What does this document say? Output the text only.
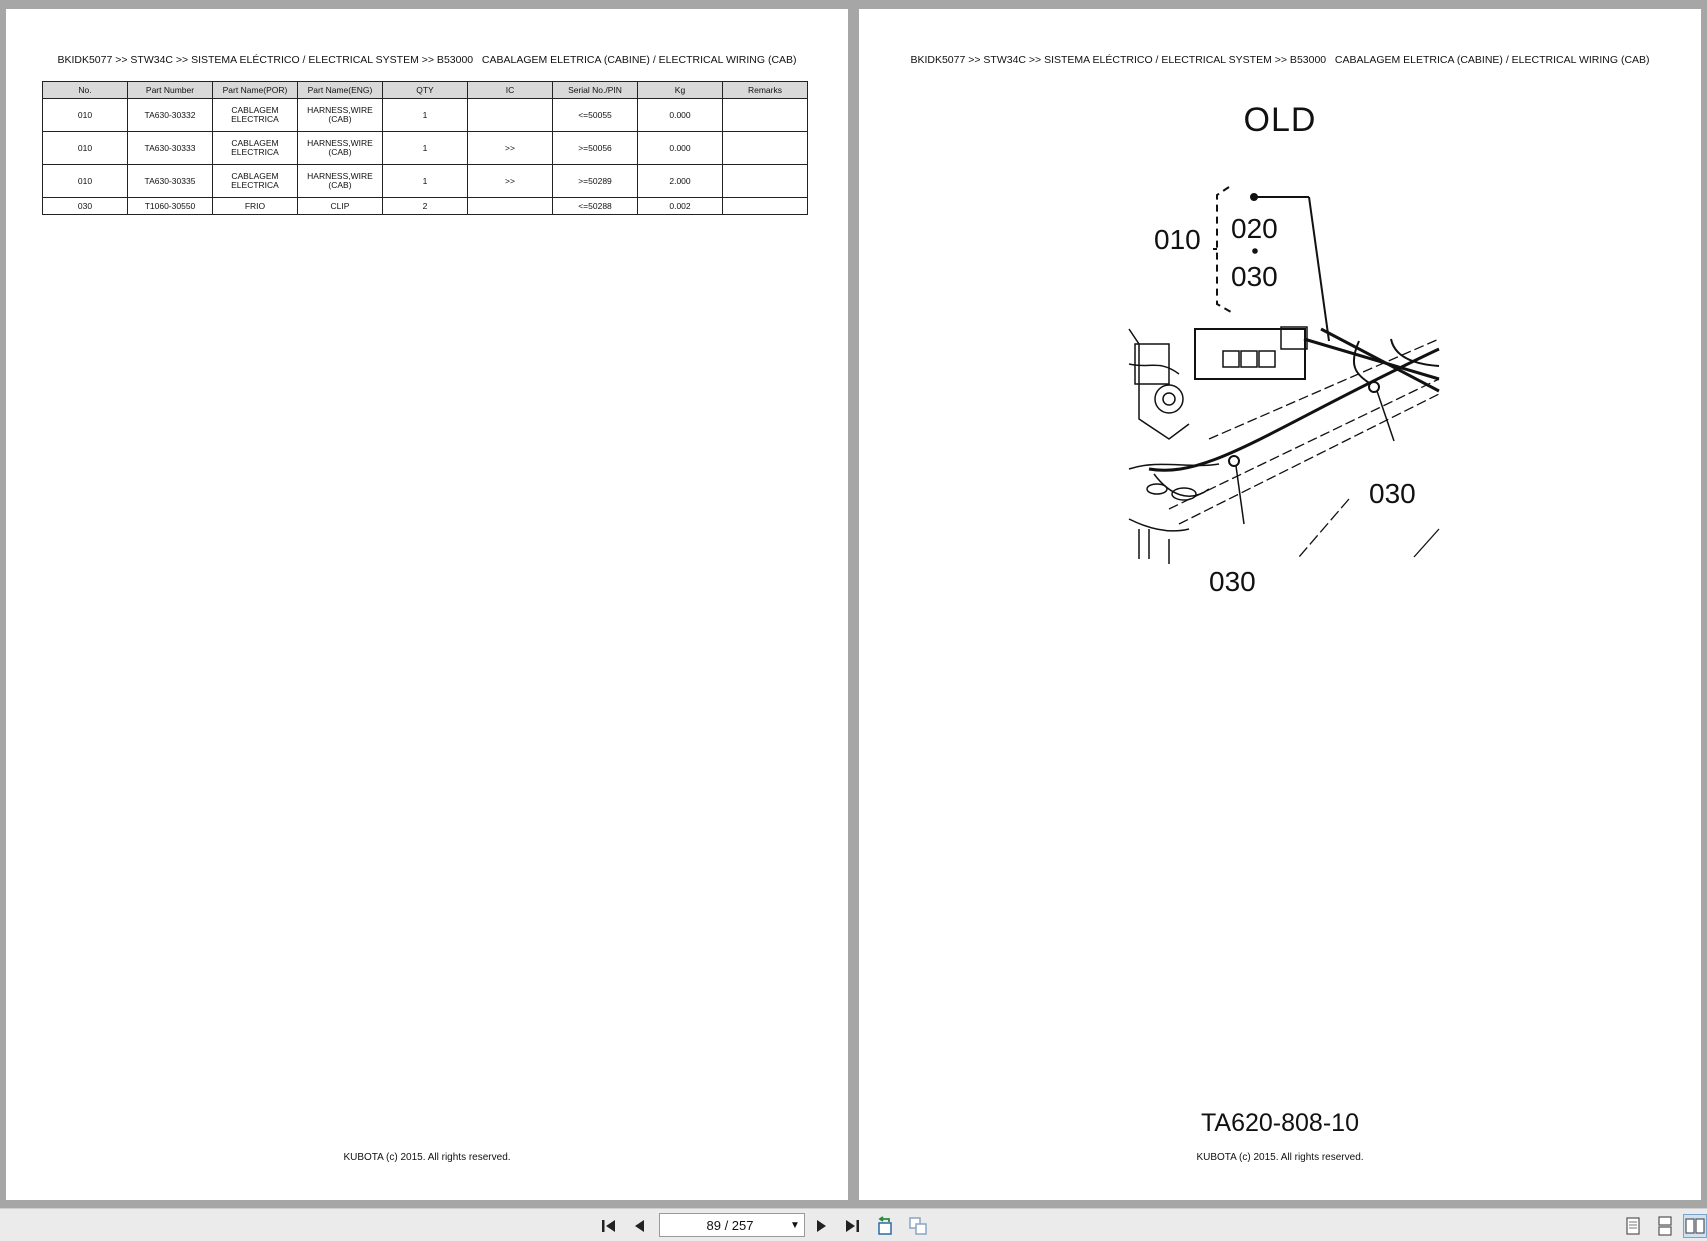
BKIDK5077 >> STW34C >> SISTEMA ELÉCTRICO / ELECTRICAL SYSTEM >> B53000   CABALAGEM ELETRICA (CABINE) / ELECTRICAL WIRING (CAB)
No.	Part Number	Part Name(POR)	Part Name(ENG)	QTY	IC	Serial No./PIN	Kg	Remarks
010	TA630-30332	CABLAGEM ELECTRICA	HARNESS,WIRE (CAB)	1		<=50055	0.000	
010	TA630-30333	CABLAGEM ELECTRICA	HARNESS,WIRE (CAB)	1	>>	>=50056	0.000	
010	TA630-30335	CABLAGEM ELECTRICA	HARNESS,WIRE (CAB)	1	>>	>=50289	2.000	
030	T1060-30550	FRIO	CLIP	2		<=50288	0.002	
KUBOTA (c) 2015. All rights reserved.
BKIDK5077 >> STW34C >> SISTEMA ELÉCTRICO / ELECTRICAL SYSTEM >> B53000   CABALAGEM ELETRICA (CABINE) / ELECTRICAL WIRING (CAB)
OLD
010 020
030
030
030
TA620-808-10
KUBOTA (c) 2015. All rights reserved.
89 / 257	▼
